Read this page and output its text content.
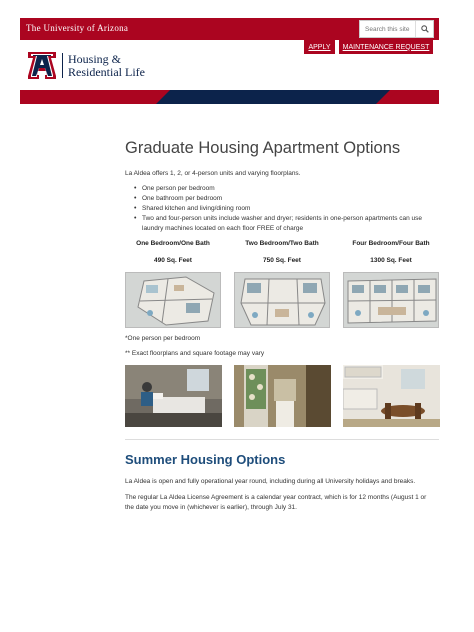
The University of Arizona
Search this site
APPLY	MAINTENANCE REQUEST
Housing &
Residential Life
Graduate Housing Apartment Options

La Aldea offers 1, 2, or 4-person units and varying floorplans.

• One person per bedroom
• One bathroom per bedroom
• Shared kitchen and living/dining room
• Two and four-person units include washer and dryer; residents in one-person apartments can use laundry machines located on each floor FREE of charge
One Bedroom/One Bath	Two Bedroom/Two Bath	Four Bedroom/Four Bath
490 Sq. Feet	750 Sq. Feet	1300 Sq. Feet

*One person per bedroom

** Exact floorplans and square footage may vary

Summer Housing Options

La Aldea is open and fully operational year round, including during all University holidays and breaks.

The regular La Aldea License Agreement is a calendar year contract, which is for 12 months (August 1 or the date you move in (whichever is earlier), through July 31.
